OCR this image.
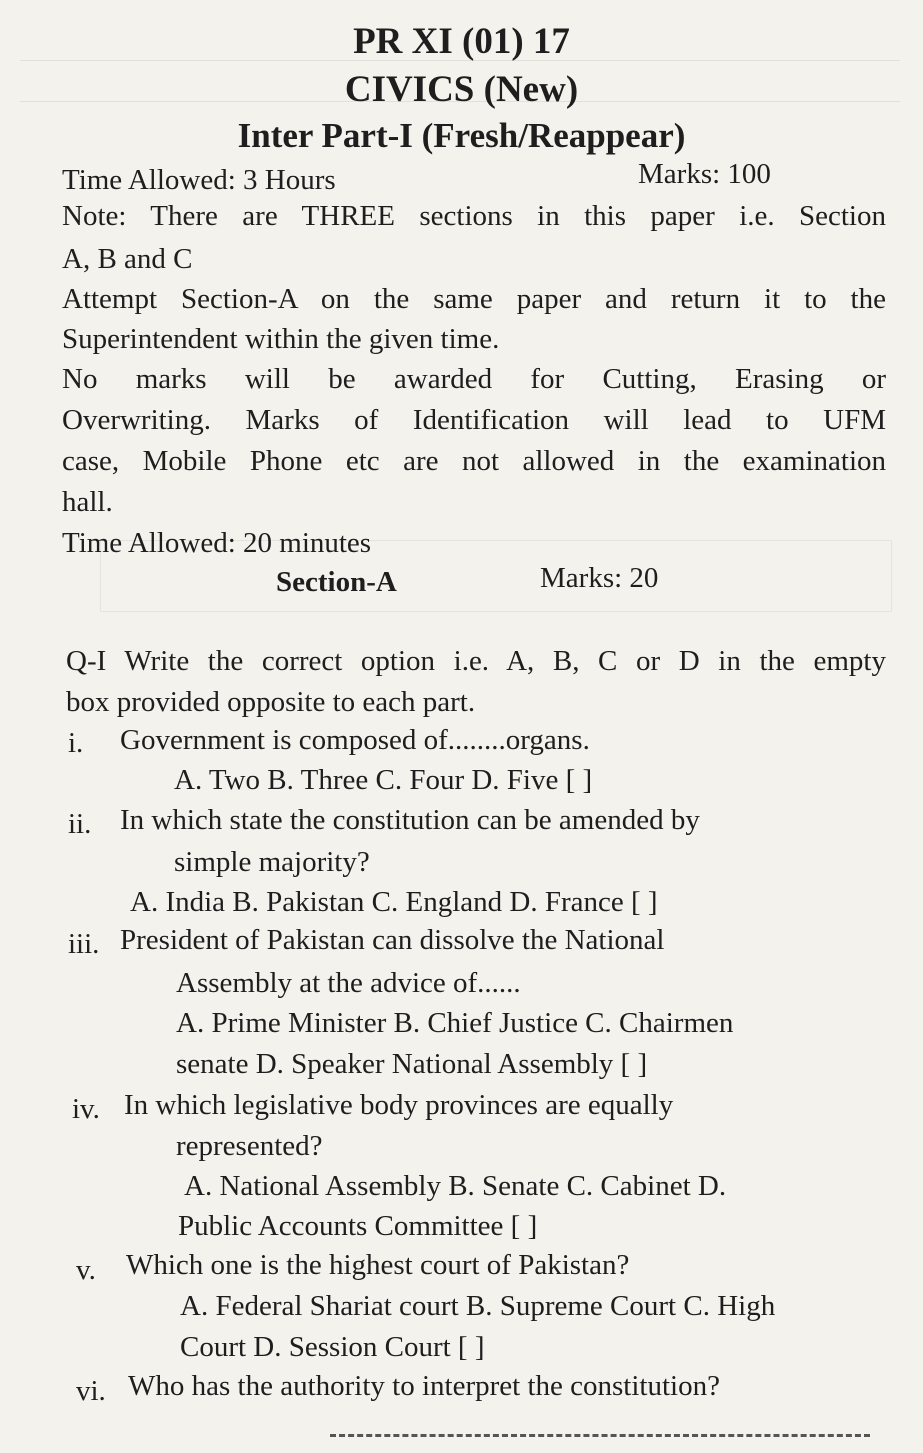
PR XI (01) 17
CIVICS (New)
Inter Part-I (Fresh/Reappear)
Time Allowed: 3 Hours	Marks: 100
Note: There are THREE sections in this paper i.e. Section
A, B and C
Attempt Section-A on the same paper and return it to the
Superintendent within the given time.
No marks will be awarded for Cutting, Erasing or
Overwriting. Marks of Identification will lead to UFM
case, Mobile Phone etc are not allowed in the examination
hall.
Time Allowed: 20 minutes
Section-A	Marks: 20
Q-I Write the correct option i.e. A, B, C or D in the empty
box provided opposite to each part.
i. Government is composed of........organs.
A. Two B. Three C. Four D. Five [ ]
ii. In which state the constitution can be amended by
simple majority?
A. India B. Pakistan C. England D. France [ ]
iii. President of Pakistan can dissolve the National
Assembly at the advice of......
A. Prime Minister B. Chief Justice C. Chairmen
senate D. Speaker National Assembly [ ]
iv. In which legislative body provinces are equally
represented?
A. National Assembly B. Senate C. Cabinet D.
Public Accounts Committee [ ]
v. Which one is the highest court of Pakistan?
A. Federal Shariat court B. Supreme Court C. High
Court D. Session Court [ ]
vi. Who has the authority to interpret the constitution?
